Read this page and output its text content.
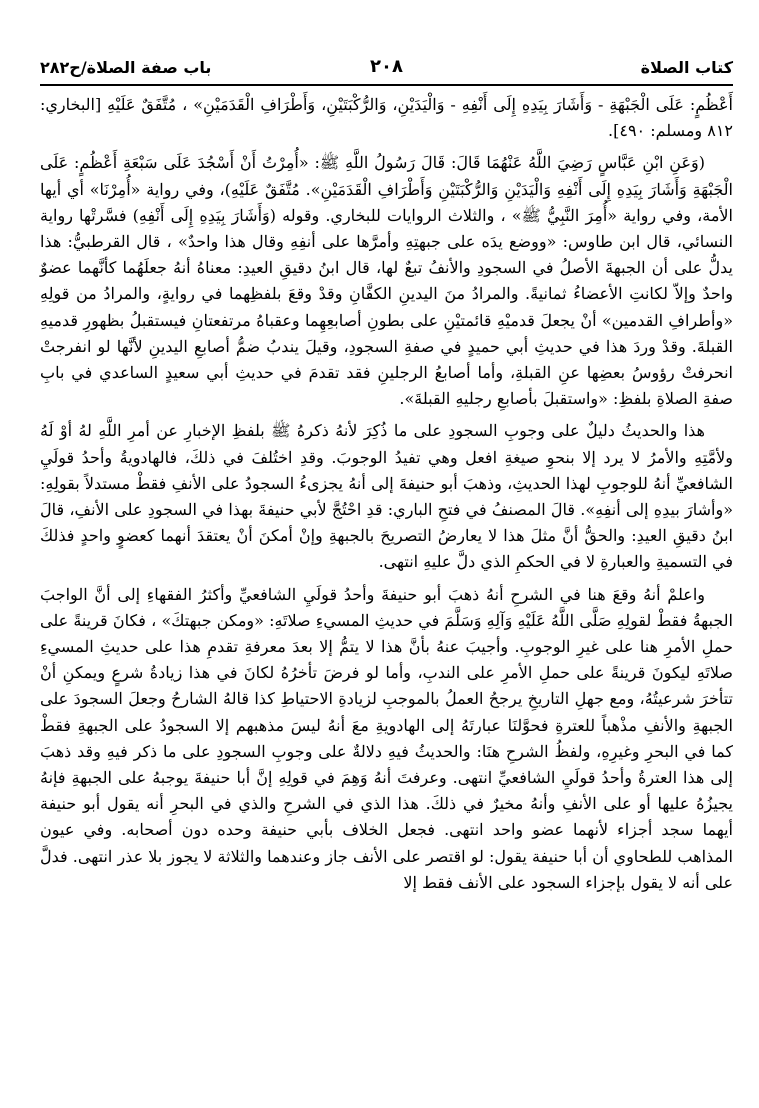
كتاب الصلاة
٢٠٨
باب صفة الصلاة/ح٢٨٢

أَعْظُمٍ: عَلَى الْجَبْهَةِ - وَأَشَارَ بِيَدِهِ إِلَى أَنْفِهِ - وَالْيَدَيْنِ، وَالرُّكْبَتَيْنِ، وَأَطْرَافِ الْقَدَمَيْنِ» ، مُتَّفَقٌ عَلَيْهِ [البخاري: ٨١٢ ومسلم: ٤٩٠].

(وَعَنِ ابْنِ عَبَّاسٍ رَضِيَ اللَّهُ عَنْهُمَا قَالَ: قَالَ رَسُولُ اللَّهِ ﷺ: «أُمِرْتُ أَنْ أَسْجُدَ عَلَى سَبْعَةِ أَعْظُمٍ: عَلَى الْجَبْهَةِ وَأَشَارَ بِيَدِهِ إِلَى أَنْفِهِ وَالْيَدَيْنِ وَالرُّكْبَتَيْنِ وَأَطْرَافِ الْقَدَمَيْنِ». مُتَّفَقٌ عَلَيْهِ)، وفي رواية «أُمِرْنَا» أي أيها الأمة، وفي رواية «أُمِرَ النَّبِيُّ ﷺ» ، والثلاث الروايات للبخاري. وقوله (وَأَشَارَ بِيَدِهِ إِلَى أَنْفِهِ) فسَّرتْها رواية النسائي، قال ابن طاوس: «ووضع يدَه على جبهتِهِ وأمرَّها على أنفِهِ وقال هذا واحدٌ» ، قال القرطبيُّ: هذا يدلُّ على أن الجبهةَ الأصلُ في السجودِ والأنفُ تبعٌ لها، قال ابنُ دقيقِ العيدِ: معناهُ أنهُ جعلَهُما كأنَّهما عضوٌ واحدٌ وإلاّ لكانتِ الأعضاءُ ثمانيةً. والمرادُ منَ اليدينِ الكفَّانِ وقدْ وقعَ بلفظِهما في روايةٍ، والمرادُ من قولِهِ «وأطرافِ القدمين» أنْ يجعلَ قدميْهِ قائمتيْنِ على بطونِ أصابعِهِما وعقباهُ مرتفعتانِ فيستقبلُ بظهورِ قدميهِ القبلةَ. وقدْ وردَ هذا في حديثِ أبي حميدٍ في صفةِ السجودِ، وقيلَ يندبُ ضمُّ أصابعِ اليدينِ لأنَّها لو انفرجتْ انحرفتْ رؤوسُ بعضِها عنِ القبلةِ، وأما أصابعُ الرجلينِ فقد تقدمَ في حديثِ أبي سعيدٍ الساعدي في بابِ صفةِ الصلاةِ بلفظِ: «واستقبلَ بأصابعِ رجليهِ القبلةَ».

هذا والحديثُ دليلٌ على وجوبِ السجودِ على ما ذُكِرَ لأنهُ ذكرهُ ﷺ بلفظِ الإخبارِ عن أمرِ اللَّهِ لهُ أوْ لَهُ ولأمَّتِهِ والأمرُ لا يرد إلا بنحوِ صيغةِ افعل وهي تفيدُ الوجوبَ. وقدِ اختُلفَ في ذلكَ، فالهادويةُ وأحدُ قولَيِ الشافعيِّ أنهُ للوجوبِ لهذا الحديثِ، وذهبَ أبو حنيفةَ إلى أنهُ يجزىءُ السجودُ على الأنفِ فقطْ مستدلاً بقولِهِ: «وأشارَ بيدِهِ إلى أنفِهِ». قالَ المصنفُ في فتحِ الباري: قدِ احْتُجَّ لأبي حنيفةَ بهذا في السجودِ على الأنفِ، قالَ ابنُ دقيقِ العيدِ: والحقُّ أنَّ مثلَ هذا لا يعارضُ التصريحَ بالجبهةِ وإنْ أمكنَ أنْ يعتقدَ أنهما كعضوٍ واحدٍ فذلكَ في التسميةِ والعبارةِ لا في الحكمِ الذي دلَّ عليهِ انتهى.

واعلمْ أنهُ وقعَ هنا في الشرحِ أنهُ ذهبَ أبو حنيفةَ وأحدُ قولَيِ الشافعيِّ وأكثرُ الفقهاءِ إلى أنَّ الواجبَ الجبهةُ فقطْ لقولِهِ صَلَّى اللَّهُ عَلَيْهِ وَآلِهِ وَسَلَّمَ في حديثِ المسيءِ صلاتَهِ: «ومكن جبهتكَ» ، فكانَ قرينةً على حملِ الأمرِ هنا على غيرِ الوجوبِ. وأجيبَ عنهُ بأنَّ هذا لا يتمُّ إلا بعدَ معرفةِ تقدمِ هذا على حديثِ المسيءِ صلاتَهِ ليكونَ قرينةً على حملِ الأمرِ على الندبِ، وأما لو فرضَ تأخرُهُ لكانَ في هذا زيادةُ شرعٍ ويمكنِ أنْ تتأخرَ شرعيتُهُ، ومع جهلِ التاريخِ يرجحُ العملُ بالموجبِ لزيادةِ الاحتياطِ كذا قالهُ الشارحُ وجعلَ السجودَ على الجبهةِ والأنفِ مذْهباً للعترةِ فحوَّلنَا عبارتَهُ إلى الهادويةِ معَ أنهُ ليسَ مذهبهم إلا السجودُ على الجبهةِ فقطْ كما في البحرِ وغيرِهِ، ولفظُ الشرحِ هنَا: والحديثُ فيهِ دلالةٌ على وجوبِ السجودِ على ما ذكر فيهِ وقد ذهبَ إلى هذا العترةُ وأحدُ قولَيِ الشافعيِّ انتهى. وعرفتَ أنهُ وَهِمَ في قولِهِ إنَّ أبا حنيفةَ يوجبهُ على الجبهةِ فإنهُ يجيزُهُ عليها أو على الأنفِ وأنهُ مخيرٌ في ذلكَ. هذا الذي في الشرحِ والذي في البحرِ أنه يقول أبو حنيفة أيهما سجد أجزاء لأنهما عضو واحد انتهى. فجعل الخلاف بأبي حنيفة وحده دون أصحابه. وفي عيون المذاهب للطحاوي أن أبا حنيفة يقول: لو اقتصر على الأنف جاز وعندهما والثلاثة لا يجوز بلا عذر انتهى. فدلَّ على أنه لا يقول بإجزاء السجود على الأنف فقط إلا
